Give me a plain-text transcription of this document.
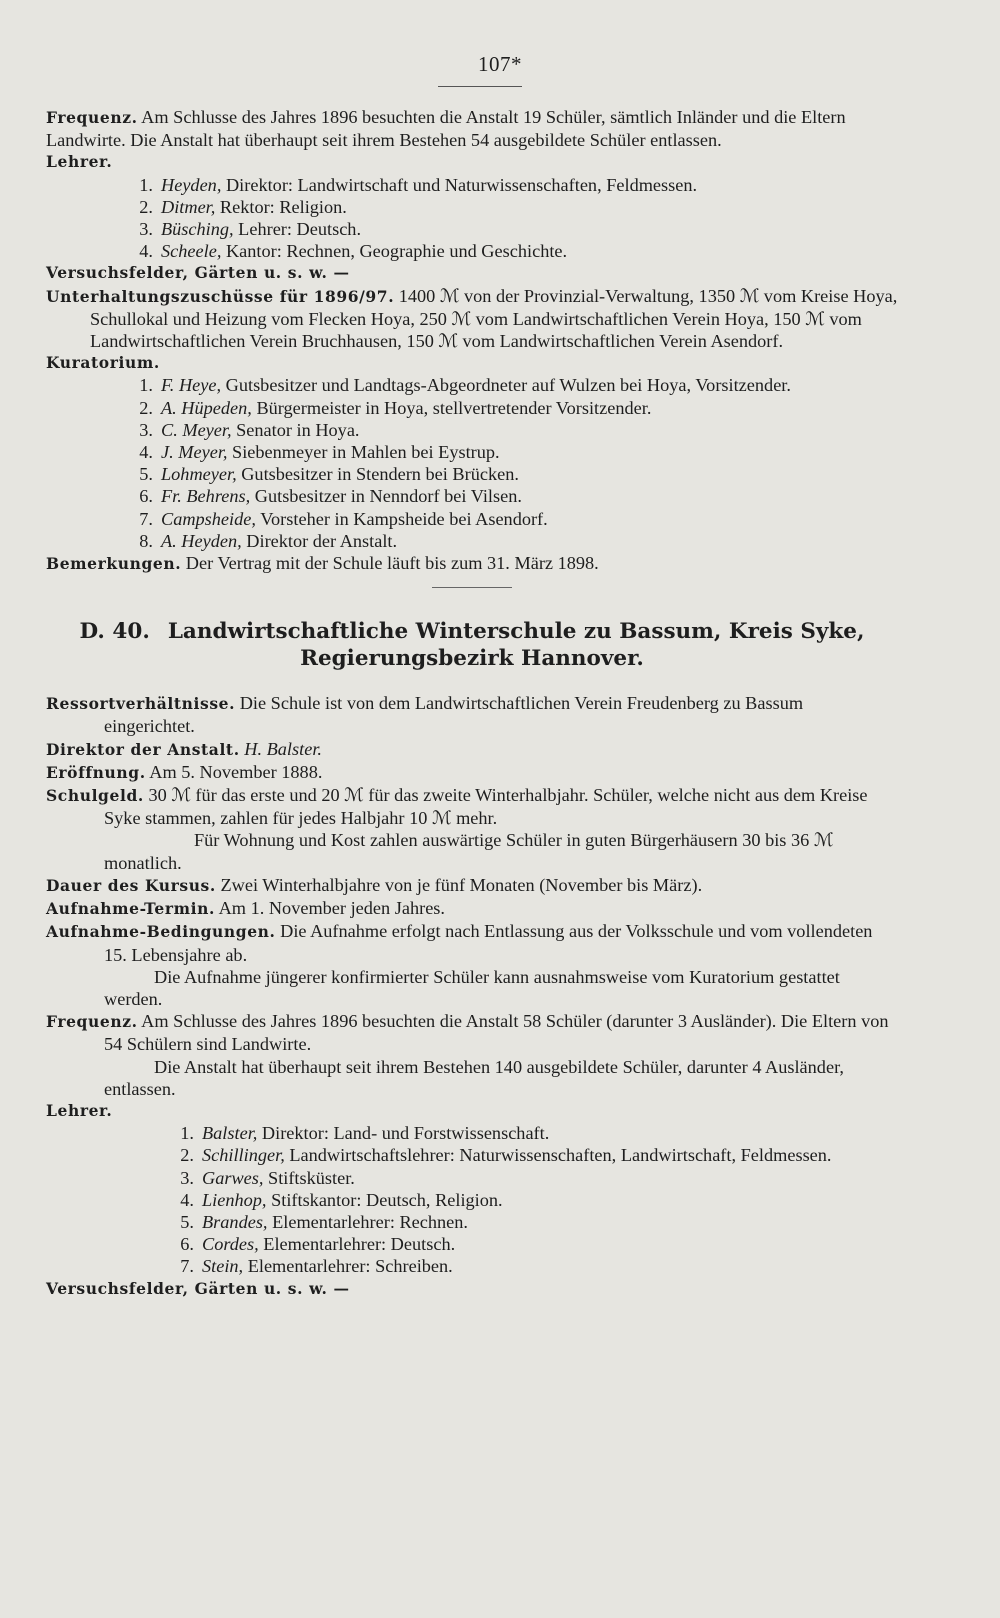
107*

Frequenz. Am Schlusse des Jahres 1896 besuchten die Anstalt 19 Schüler, sämtlich Inländer und die Eltern Landwirte. Die Anstalt hat überhaupt seit ihrem Bestehen 54 ausgebildete Schüler entlassen.

Lehrer.

1. Heyden, Direktor: Landwirtschaft und Naturwissenschaften, Feldmessen.
2. Ditmer, Rektor: Religion.
3. Büsching, Lehrer: Deutsch.
4. Scheele, Kantor: Rechnen, Geographie und Geschichte.

Versuchsfelder, Gärten u. s. w. —

Unterhaltungszuschüsse für 1896/97. 1400 ℳ von der Provinzial-Verwaltung, 1350 ℳ vom Kreise Hoya, Schullokal und Heizung vom Flecken Hoya, 250 ℳ vom Landwirtschaftlichen Verein Hoya, 150 ℳ vom Landwirtschaftlichen Verein Bruchhausen, 150 ℳ vom Landwirtschaftlichen Verein Asendorf.

Kuratorium.

1. F. Heye, Gutsbesitzer und Landtags-Abgeordneter auf Wulzen bei Hoya, Vorsitzender.
2. A. Hüpeden, Bürgermeister in Hoya, stellvertretender Vorsitzender.
3. C. Meyer, Senator in Hoya.
4. J. Meyer, Siebenmeyer in Mahlen bei Eystrup.
5. Lohmeyer, Gutsbesitzer in Stendern bei Brücken.
6. Fr. Behrens, Gutsbesitzer in Nenndorf bei Vilsen.
7. Campsheide, Vorsteher in Kampsheide bei Asendorf.
8. A. Heyden, Direktor der Anstalt.

Bemerkungen. Der Vertrag mit der Schule läuft bis zum 31. März 1898.

D. 40. Landwirtschaftliche Winterschule zu Bassum, Kreis Syke,
Regierungsbezirk Hannover.

Ressortverhältnisse. Die Schule ist von dem Landwirtschaftlichen Verein Freudenberg zu Bassum eingerichtet.

Direktor der Anstalt. H. Balster.

Eröffnung. Am 5. November 1888.

Schulgeld. 30 ℳ für das erste und 20 ℳ für das zweite Winterhalbjahr. Schüler, welche nicht aus dem Kreise Syke stammen, zahlen für jedes Halbjahr 10 ℳ mehr.

Für Wohnung und Kost zahlen auswärtige Schüler in guten Bürgerhäusern 30 bis 36 ℳ monatlich.

Dauer des Kursus. Zwei Winterhalbjahre von je fünf Monaten (November bis März).

Aufnahme-Termin. Am 1. November jeden Jahres.

Aufnahme-Bedingungen. Die Aufnahme erfolgt nach Entlassung aus der Volksschule und vom vollendeten 15. Lebensjahre ab.

Die Aufnahme jüngerer konfirmierter Schüler kann ausnahmsweise vom Kuratorium gestattet werden.

Frequenz. Am Schlusse des Jahres 1896 besuchten die Anstalt 58 Schüler (darunter 3 Ausländer). Die Eltern von 54 Schülern sind Landwirte.

Die Anstalt hat überhaupt seit ihrem Bestehen 140 ausgebildete Schüler, darunter 4 Ausländer, entlassen.

Lehrer.

1. Balster, Direktor: Land- und Forstwissenschaft.
2. Schillinger, Landwirtschaftslehrer: Naturwissenschaften, Landwirtschaft, Feldmessen.
3. Garwes, Stiftsküster.
4. Lienhop, Stiftskantor: Deutsch, Religion.
5. Brandes, Elementarlehrer: Rechnen.
6. Cordes, Elementarlehrer: Deutsch.
7. Stein, Elementarlehrer: Schreiben.

Versuchsfelder, Gärten u. s. w. —
